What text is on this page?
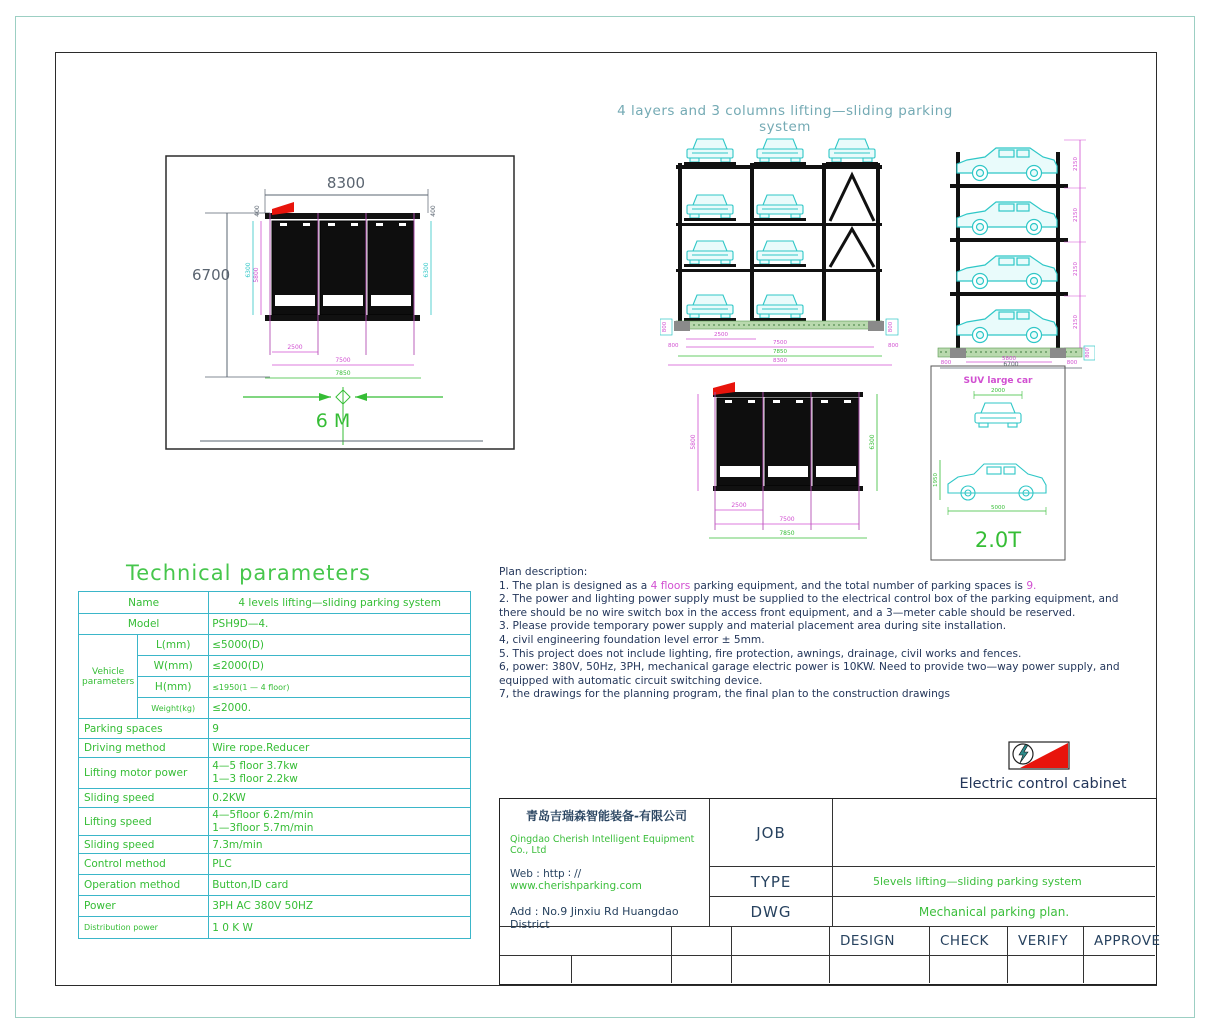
4 layers and 3 columns lifting—sliding parking system
8300
400	400
6700 6300 5800	6300
2500
7500
7850
6 M
800	800
800	800
2500
7500
7850
8300
2150
2150
2150
2150
800
5800
800	800
6700
5800	6300
2500
7500
7850
SUV large car
2000
1950
5000
2.0T
Technical parameters
Name		4 levels lifting—sliding parking system
Model		PSH9D—4.
Vehicle parameters	L(mm)	≤5000(D)
	W(mm)	≤2000(D)
	H(mm)	≤1950(1 — 4 floor)
	Weight(kg)	≤2000.
Parking spaces		9
Driving method		Wire rope.Reducer
Lifting motor power		4—5 floor 3.7kw
1—3 floor 2.2kw

Sliding speed		0.2KW
Lifting speed		4—5floor 6.2m/min
1—3floor 5.7m/min

Sliding speed		7.3m/min
Control method		PLC
Operation method		Button,ID card
Power		3PH AC 380V 50HZ
Distribution power		1 0 K W
Plan description:
1. The plan is designed as a 4 floors parking equipment, and the total number of parking spaces is 9.
2. The power and lighting power supply must be supplied to the electrical control box of the parking equipment, and there should be no wire switch box in the access front equipment, and a 3—meter cable should be reserved.
3. Please provide temporary power supply and material placement area during site installation.
4, civil engineering foundation level error ± 5mm.
5. This project does not include lighting, fire protection, awnings, drainage, civil works and fences.
6, power: 380V, 50Hz, 3PH, mechanical garage electric power is 10KW. Need to provide two—way power supply, and equipped with automatic circuit switching device.
7, the drawings for the planning program, the final plan to the construction drawings
Electric control cabinet
青岛吉瑞森智能装备-有限公司
Qingdao Cherish Intelligent Equipment Co., Ltd
Web : http ∶ // www.cherishparking.com
Add : No.9 Jinxiu Rd Huangdao District
JOB
TYPE	5levels lifting—sliding parking system
DWG	Mechanical parking plan.
DESIGN	CHECK	VERIFY	APPROVE
